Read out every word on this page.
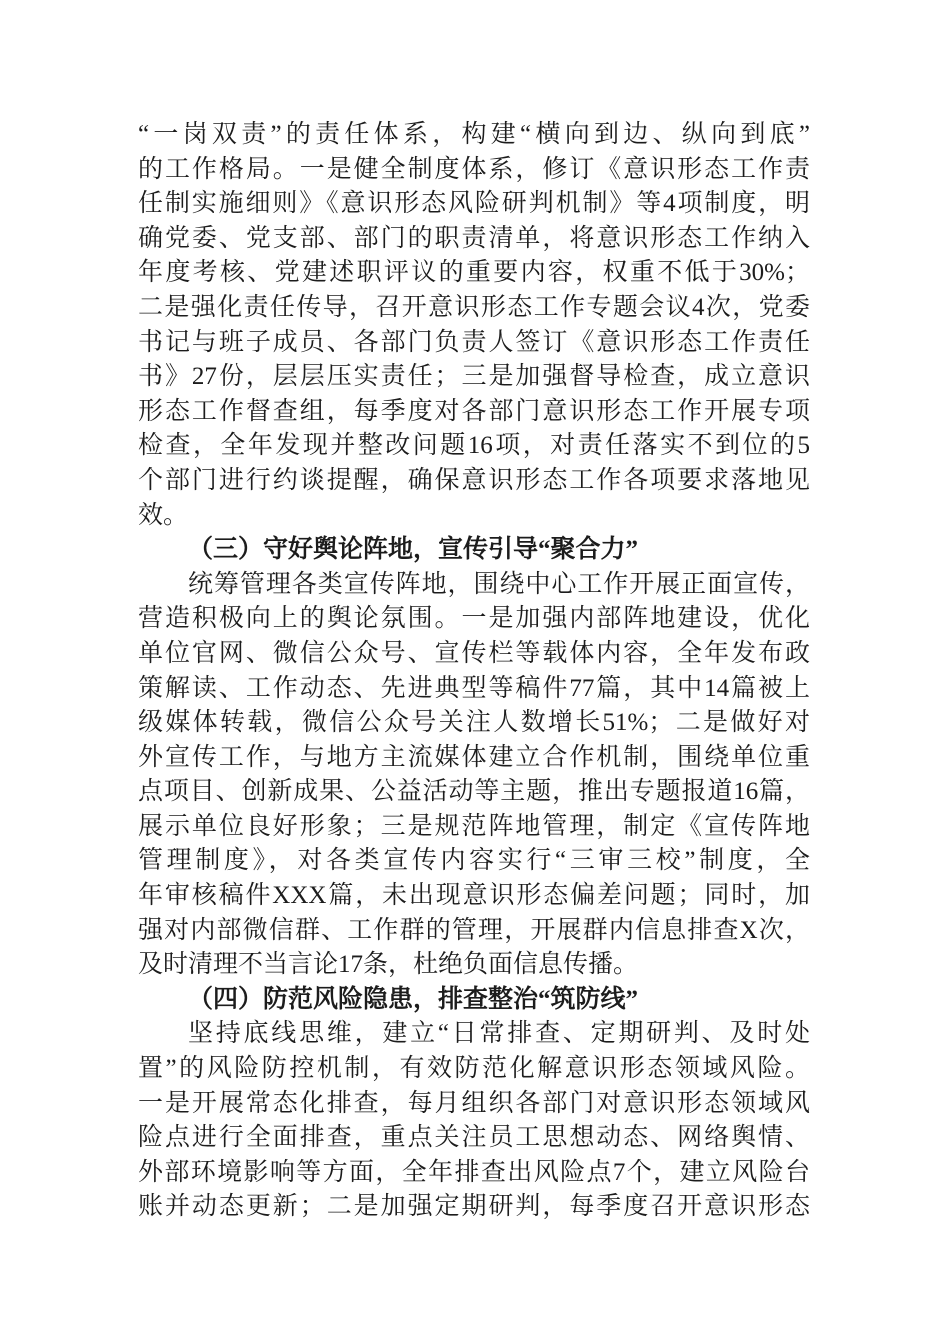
“一岗双责”的责任体系，构建“横向到边、纵向到底”
的工作格局。一是健全制度体系，修订《意识形态工作责
任制实施细则》《意识形态风险研判机制》等4项制度，明
确党委、党支部、部门的职责清单，将意识形态工作纳入
年度考核、党建述职评议的重要内容，权重不低于30%；
二是强化责任传导，召开意识形态工作专题会议4次，党委
书记与班子成员、各部门负责人签订《意识形态工作责任
书》27份，层层压实责任；三是加强督导检查，成立意识
形态工作督查组，每季度对各部门意识形态工作开展专项
检查，全年发现并整改问题16项，对责任落实不到位的5
个部门进行约谈提醒，确保意识形态工作各项要求落地见
效。
（三）守好舆论阵地，宣传引导“聚合力”
统筹管理各类宣传阵地，围绕中心工作开展正面宣传，
营造积极向上的舆论氛围。一是加强内部阵地建设，优化
单位官网、微信公众号、宣传栏等载体内容，全年发布政
策解读、工作动态、先进典型等稿件77篇，其中14篇被上
级媒体转载，微信公众号关注人数增长51%；二是做好对
外宣传工作，与地方主流媒体建立合作机制，围绕单位重
点项目、创新成果、公益活动等主题，推出专题报道16篇，
展示单位良好形象；三是规范阵地管理，制定《宣传阵地
管理制度》，对各类宣传内容实行“三审三校”制度，全
年审核稿件XXX篇，未出现意识形态偏差问题；同时，加
强对内部微信群、工作群的管理，开展群内信息排查X次，
及时清理不当言论17条，杜绝负面信息传播。
（四）防范风险隐患，排查整治“筑防线”
坚持底线思维，建立“日常排查、定期研判、及时处
置”的风险防控机制，有效防范化解意识形态领域风险。
一是开展常态化排查，每月组织各部门对意识形态领域风
险点进行全面排查，重点关注员工思想动态、网络舆情、
外部环境影响等方面，全年排查出风险点7个，建立风险台
账并动态更新；二是加强定期研判，每季度召开意识形态
